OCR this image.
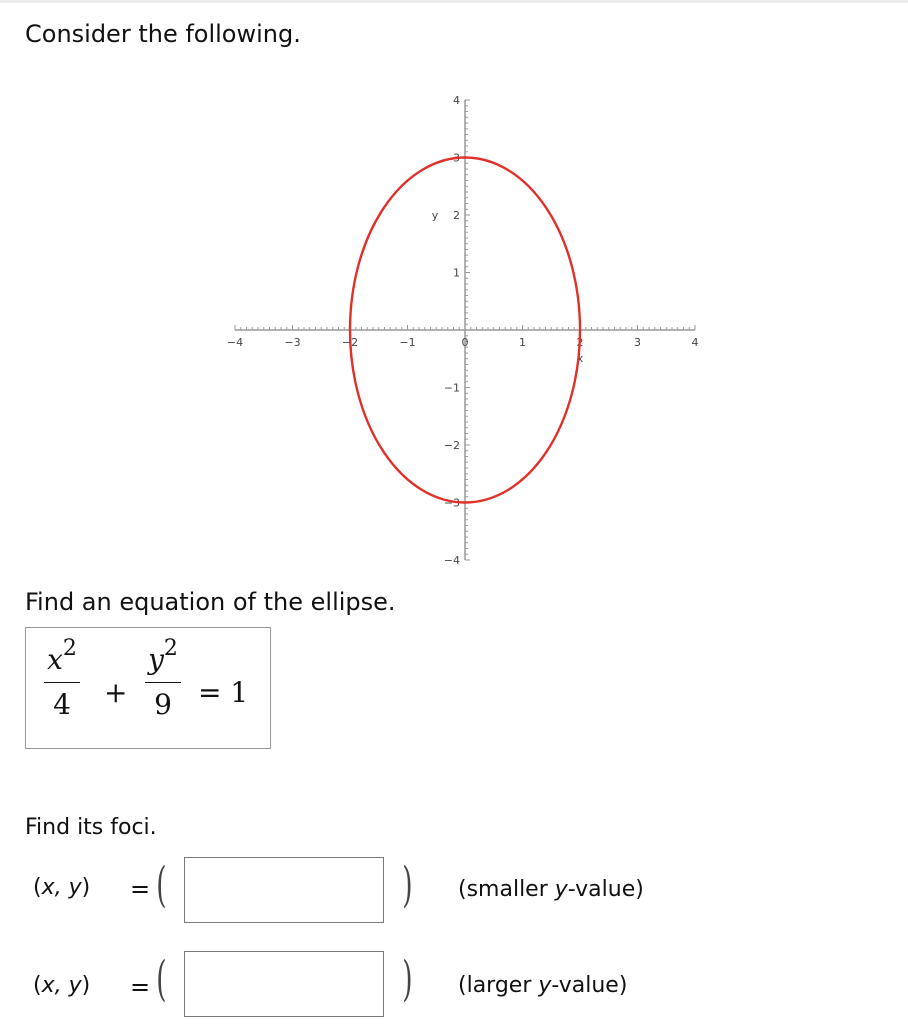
Consider the following.
−4	−3	−2	−1	0	1	2	3	4
4
3
2
1
−1
−2
−3
−4
y
x
Find an equation of the ellipse.
$x^2$
4	+
$y^2$
9 = 1
Find its foci.
(x, y) = (	) (smaller y-value)
(x, y) = (	) (larger y-value)
